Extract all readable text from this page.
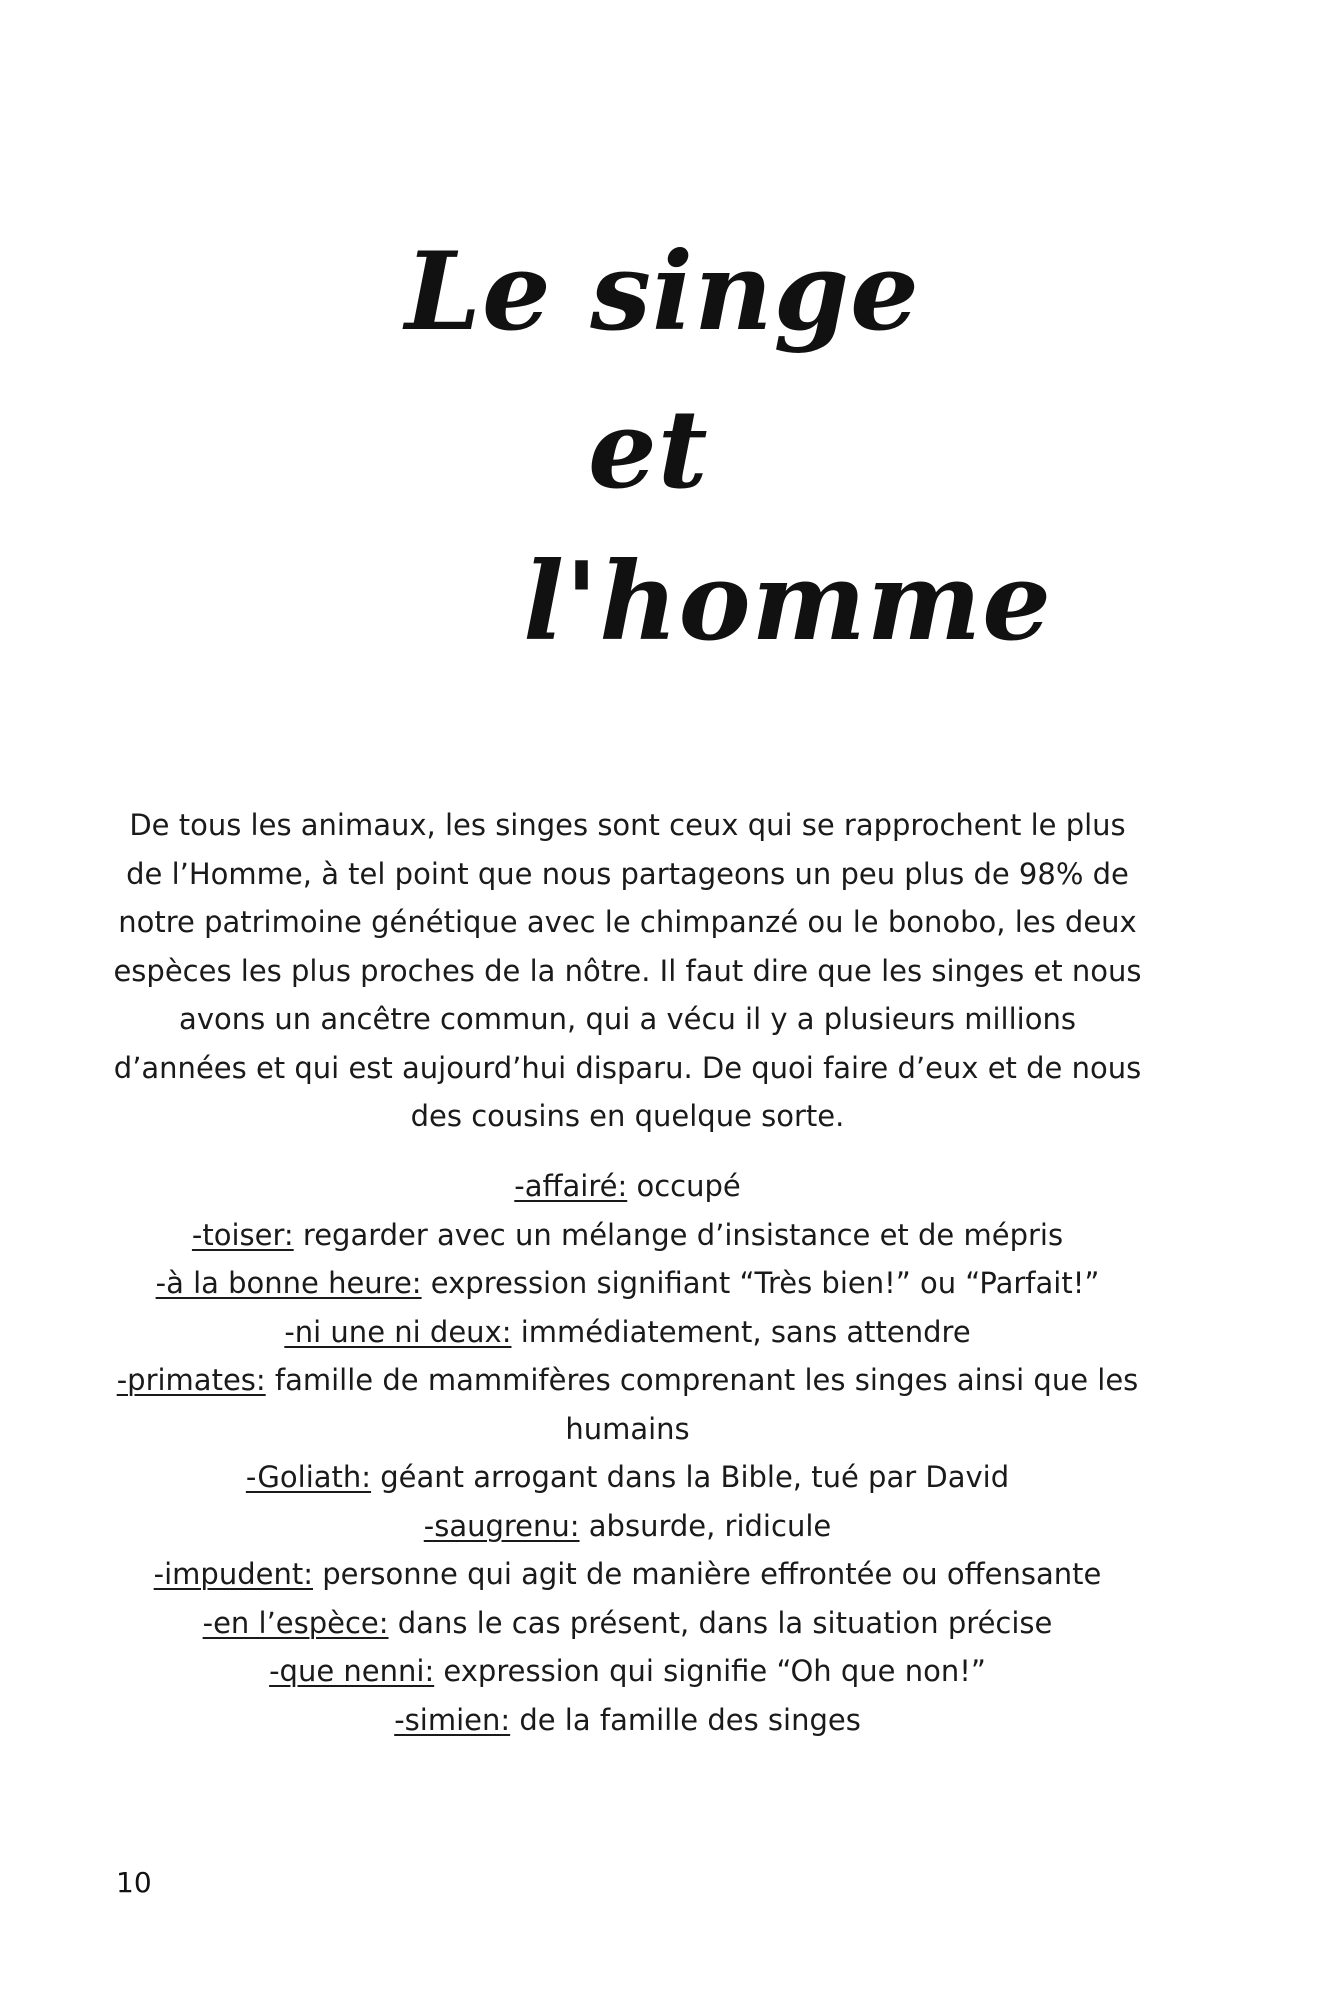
Le singe
et
l'homme

De tous les animaux, les singes sont ceux qui se rapprochent le plus de l’Homme, à tel point que nous partageons un peu plus de 98% de notre patrimoine génétique avec le chimpanzé ou le bonobo, les deux espèces les plus proches de la nôtre. Il faut dire que les singes et nous avons un ancêtre commun, qui a vécu il y a plusieurs millions d’années et qui est aujourd’hui disparu. De quoi faire d’eux et de nous des cousins en quelque sorte.

-affairé: occupé
-toiser: regarder avec un mélange d’insistance et de mépris
-à la bonne heure: expression signifiant “Très bien!” ou “Parfait!”
-ni une ni deux: immédiatement, sans attendre
-primates: famille de mammifères comprenant les singes ainsi que les humains
-Goliath: géant arrogant dans la Bible, tué par David
-saugrenu: absurde, ridicule
-impudent: personne qui agit de manière effrontée ou offensante
-en l’espèce: dans le cas présent, dans la situation précise
-que nenni: expression qui signifie “Oh que non!”
-simien: de la famille des singes
10
